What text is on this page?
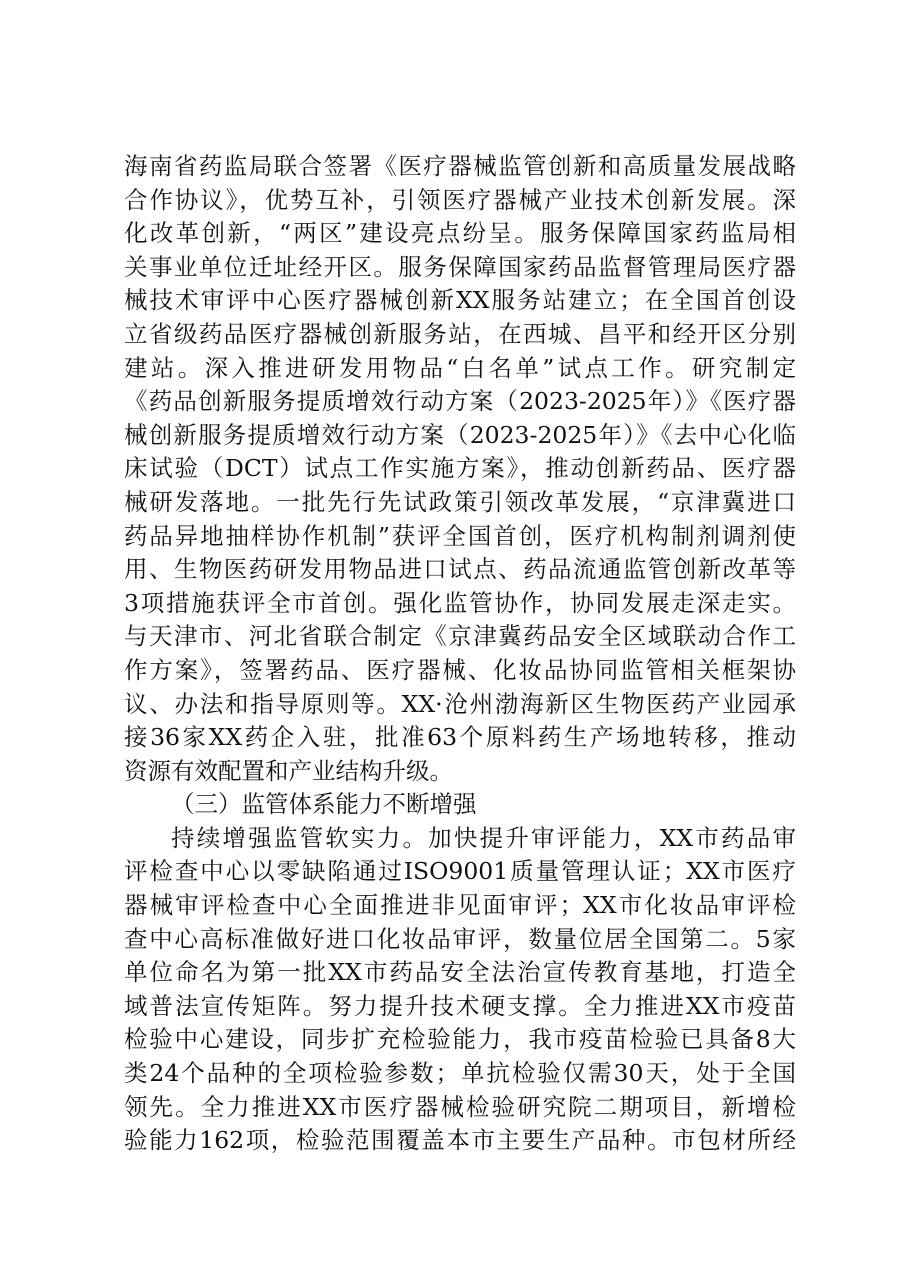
海南省药监局联合签署《医疗器械监管创新和高质量发展战略
合作协议》，优势互补，引领医疗器械产业技术创新发展。深
化改革创新，“两区”建设亮点纷呈。服务保障国家药监局相
关事业单位迁址经开区。服务保障国家药品监督管理局医疗器
械技术审评中心医疗器械创新XX服务站建立；在全国首创设
立省级药品医疗器械创新服务站，在西城、昌平和经开区分别
建站。深入推进研发用物品“白名单”试点工作。研究制定
《药品创新服务提质增效行动方案（2023-2025年）》《医疗器
械创新服务提质增效行动方案（2023-2025年）》《去中心化临
床试验（DCT）试点工作实施方案》，推动创新药品、医疗器
械研发落地。一批先行先试政策引领改革发展，“京津冀进口
药品异地抽样协作机制”获评全国首创，医疗机构制剂调剂使
用、生物医药研发用物品进口试点、药品流通监管创新改革等
3项措施获评全市首创。强化监管协作，协同发展走深走实。
与天津市、河北省联合制定《京津冀药品安全区域联动合作工
作方案》，签署药品、医疗器械、化妆品协同监管相关框架协
议、办法和指导原则等。XX·沧州渤海新区生物医药产业园承
接36家XX药企入驻，批准63个原料药生产场地转移，推动
资源有效配置和产业结构升级。
（三）监管体系能力不断增强
持续增强监管软实力。加快提升审评能力，XX市药品审
评检查中心以零缺陷通过ISO9001质量管理认证；XX市医疗
器械审评检查中心全面推进非见面审评；XX市化妆品审评检
查中心高标准做好进口化妆品审评，数量位居全国第二。5家
单位命名为第一批XX市药品安全法治宣传教育基地，打造全
域普法宣传矩阵。努力提升技术硬支撑。全力推进XX市疫苗
检验中心建设，同步扩充检验能力，我市疫苗检验已具备8大
类24个品种的全项检验参数；单抗检验仅需30天，处于全国
领先。全力推进XX市医疗器械检验研究院二期项目，新增检
验能力162项，检验范围覆盖本市主要生产品种。市包材所经
